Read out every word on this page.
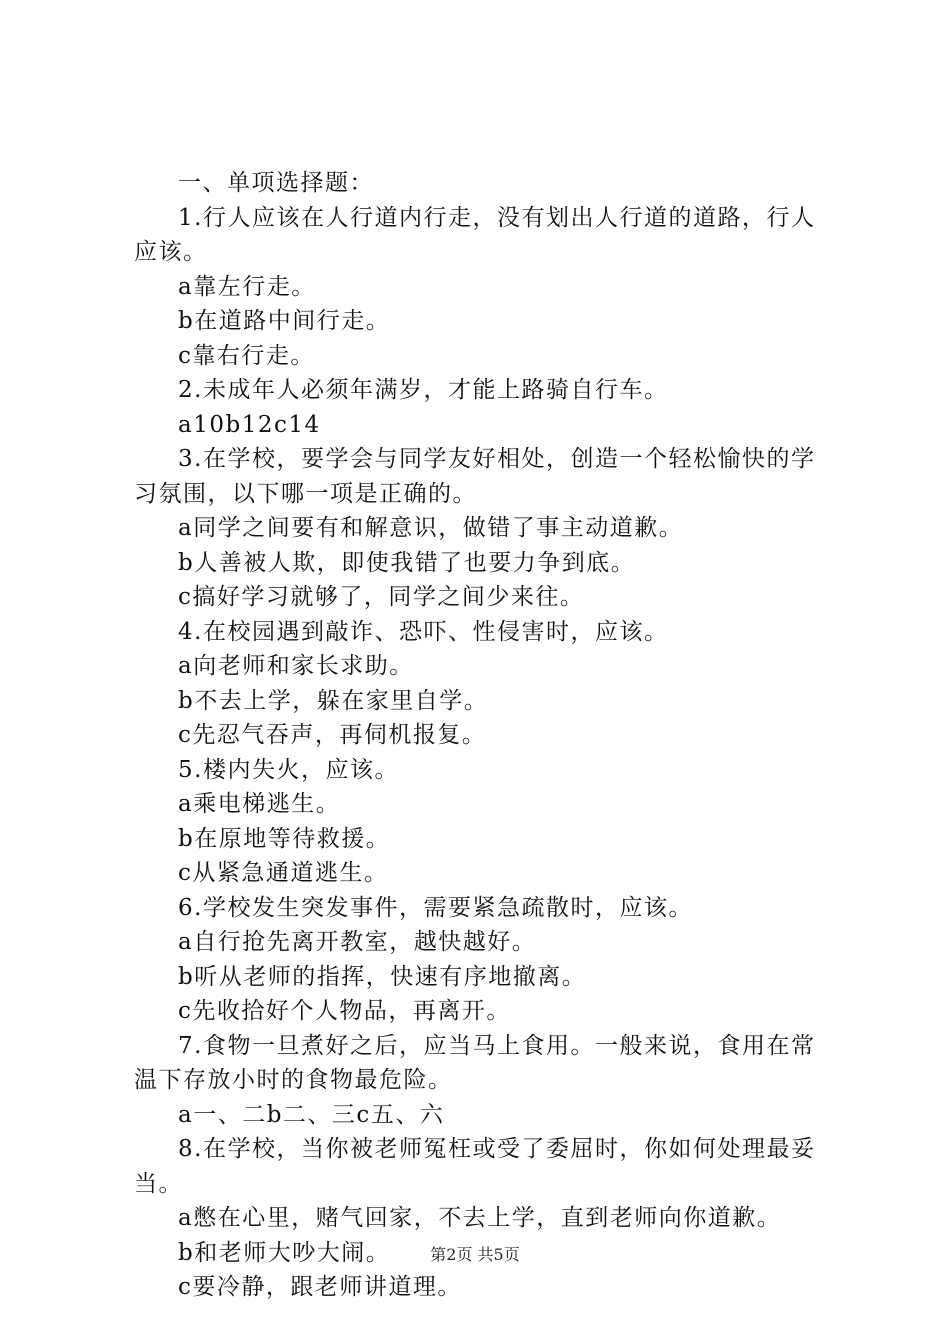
一、单项选择题：
1.行人应该在人行道内行走，没有划出人行道的道路，行人应该。
a靠左行走。
b在道路中间行走。
c靠右行走。
2.未成年人必须年满岁，才能上路骑自行车。
a10b12c14
3.在学校，要学会与同学友好相处，创造一个轻松愉快的学习氛围，以下哪一项是正确的。
a同学之间要有和解意识，做错了事主动道歉。
b人善被人欺，即使我错了也要力争到底。
c搞好学习就够了，同学之间少来往。
4.在校园遇到敲诈、恐吓、性侵害时，应该。
a向老师和家长求助。
b不去上学，躲在家里自学。
c先忍气吞声，再伺机报复。
5.楼内失火，应该。
a乘电梯逃生。
b在原地等待救援。
c从紧急通道逃生。
6.学校发生突发事件，需要紧急疏散时，应该。
a自行抢先离开教室，越快越好。
b听从老师的指挥，快速有序地撤离。
c先收拾好个人物品，再离开。
7.食物一旦煮好之后，应当马上食用。一般来说，食用在常温下存放小时的食物最危险。
a一、二b二、三c五、六
8.在学校，当你被老师冤枉或受了委屈时，你如何处理最妥当。
a憋在心里，赌气回家，不去上学，直到老师向你道歉。
b和老师大吵大闹。
c要冷静，跟老师讲道理。
第2页 共5页
